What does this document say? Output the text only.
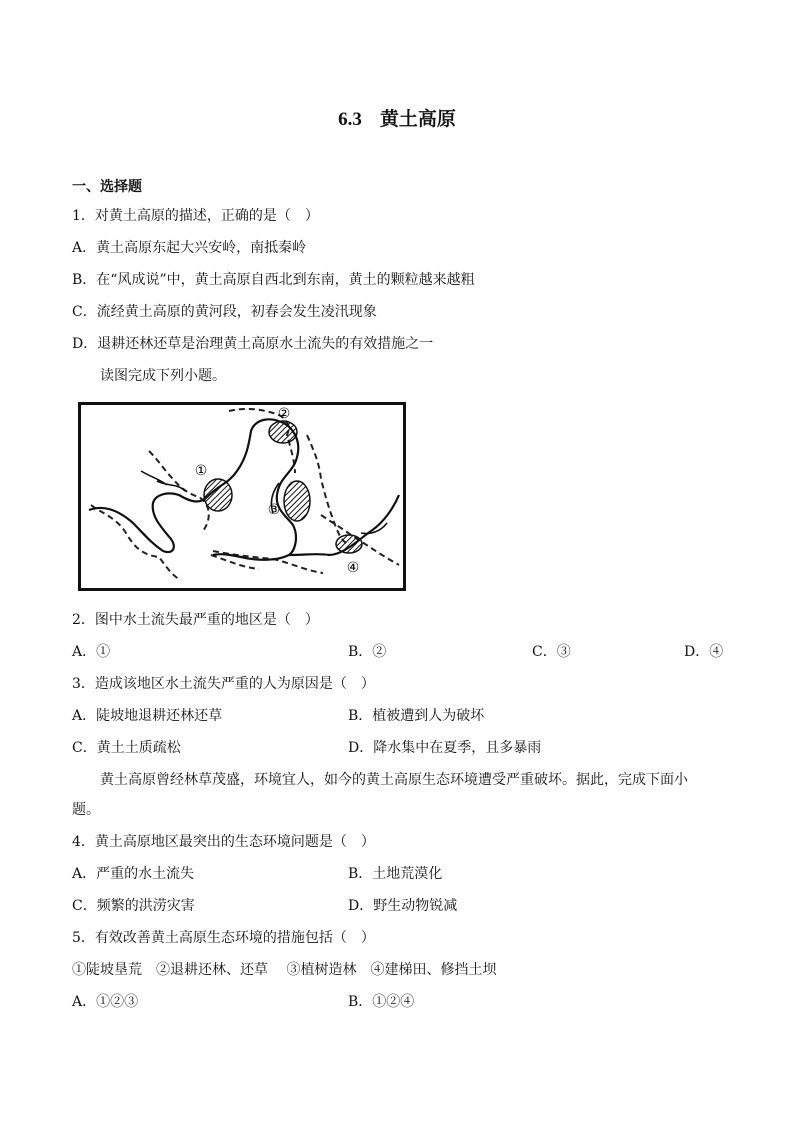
6.3 黄土高原
一、选择题
1．对黄土高原的描述，正确的是（　）
A．黄土高原东起大兴安岭，南抵秦岭
B．在“风成说”中，黄土高原自西北到东南，黄土的颗粒越来越粗
C．流经黄土高原的黄河段，初春会发生凌汛现象
D．退耕还林还草是治理黄土高原水土流失的有效措施之一
读图完成下列小题。
①
②
③
④
2．图中水土流失最严重的地区是（　）
A．①	B．②	C．③	D．④
3．造成该地区水土流失严重的人为原因是（　）
A．陡坡地退耕还林还草	B．植被遭到人为破坏
C．黄土土质疏松	D．降水集中在夏季，且多暴雨
黄土高原曾经林草茂盛，环境宜人，如今的黄土高原生态环境遭受严重破坏。据此，完成下面小
题。
4．黄土高原地区最突出的生态环境问题是（　）
A．严重的水土流失	B．土地荒漠化
C．频繁的洪涝灾害	D．野生动物锐减
5．有效改善黄土高原生态环境的措施包括（　）
①陡坡垦荒　②退耕还林、还草　 ③植树造林　④建梯田、修挡土坝
A．①②③	B．①②④
